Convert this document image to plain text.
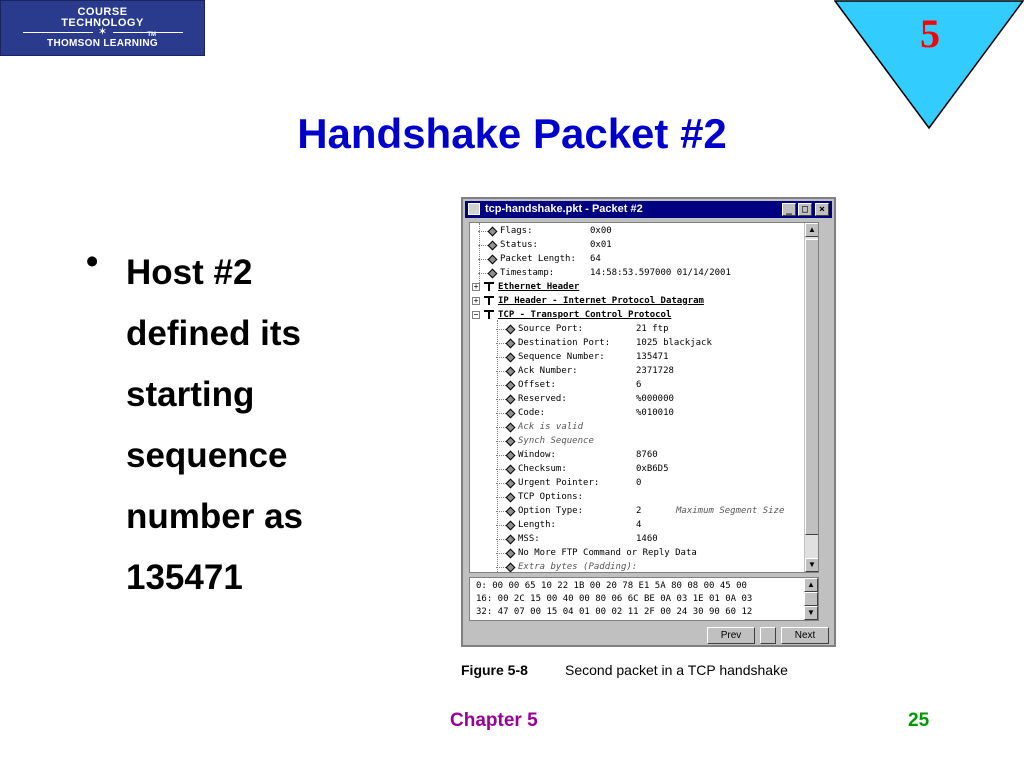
COURSE
TECHNOLOGY
✶	TM
THOMSON LEARNING	5
Handshake Packet #2
• Host #2
defined its
starting
sequence
number as
135471
tcp-handshake.pkt - Packet #2	_ □	×
▲
▼
Flags:	0x00
Status:	0x01
Packet Length: 64
Timestamp:	14:58:53.597000 01/14/2001
+ Ethernet Header
+ IP Header - Internet Protocol Datagram
− TCP - Transport Control Protocol
Source Port:	21 ftp
Destination Port:	1025 blackjack
Sequence Number:	135471
Ack Number:	2371728
Offset:	6
Reserved:	%000000
Code:	%010010
Ack is valid
Synch Sequence
Window:	8760
Checksum:	0xB6D5
Urgent Pointer:	0
TCP Options:
Option Type:	2	Maximum Segment Size
Length:	4
MSS:	1460
No More FTP Command or Reply Data
Extra bytes (Padding):
▲
▼
0: 00 00 65 10 22 1B 00 20 78 E1 5A 80 08 00 45 00
16: 00 2C 15 00 40 00 80 06 6C BE 0A 03 1E 01 0A 03
32: 47 07 00 15 04 01 00 02 11 2F 00 24 30 90 60 12
Prev	Next
Figure 5-8	Second packet in a TCP handshake
Chapter 5	25
